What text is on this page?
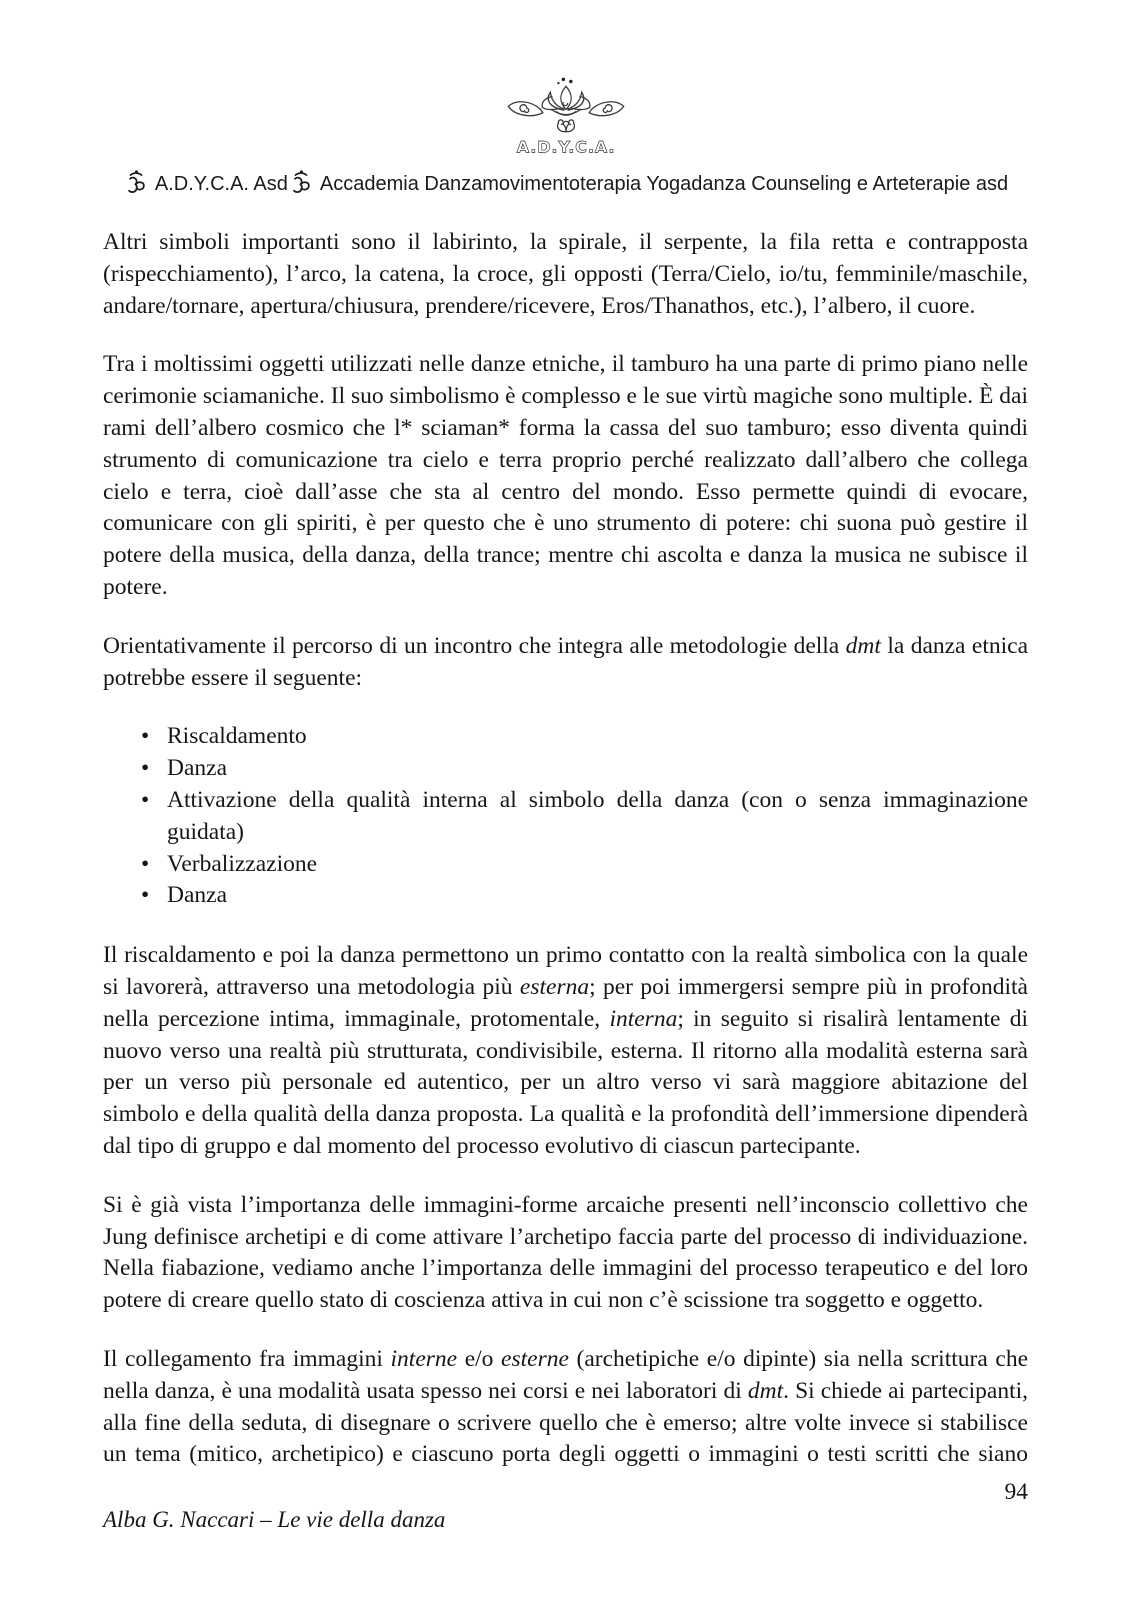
A.D.Y.C.A.
A.D.Y.C.A. Asd Accademia Danzamovimentoterapia Yogadanza Counseling e Arteterapie asd

Altri simboli importanti sono il labirinto, la spirale, il serpente, la fila retta e contrapposta (rispecchiamento), l’arco, la catena, la croce, gli opposti (Terra/Cielo, io/tu, femminile/maschile, andare/tornare, apertura/chiusura, prendere/ricevere, Eros/Thanathos, etc.), l’albero, il cuore.

Tra i moltissimi oggetti utilizzati nelle danze etniche, il tamburo ha una parte di primo piano nelle cerimonie sciamaniche. Il suo simbolismo è complesso e le sue virtù magiche sono multiple. È dai rami dell’albero cosmico che l* sciaman* forma la cassa del suo tamburo; esso diventa quindi strumento di comunicazione tra cielo e terra proprio perché realizzato dall’albero che collega cielo e terra, cioè dall’asse che sta al centro del mondo. Esso permette quindi di evocare, comunicare con gli spiriti, è per questo che è uno strumento di potere: chi suona può gestire il potere della musica, della danza, della trance; mentre chi ascolta e danza la musica ne subisce il potere.

Orientativamente il percorso di un incontro che integra alle metodologie della dmt la danza etnica potrebbe essere il seguente:

• Riscaldamento
• Danza
• Attivazione della qualità interna al simbolo della danza (con o senza immaginazione guidata)
• Verbalizzazione
• Danza

Il riscaldamento e poi la danza permettono un primo contatto con la realtà simbolica con la quale si lavorerà, attraverso una metodologia più esterna; per poi immergersi sempre più in profondità nella percezione intima, immaginale, protomentale, interna; in seguito si risalirà lentamente di nuovo verso una realtà più strutturata, condivisibile, esterna. Il ritorno alla modalità esterna sarà per un verso più personale ed autentico, per un altro verso vi sarà maggiore abitazione del simbolo e della qualità della danza proposta. La qualità e la profondità dell’immersione dipenderà dal tipo di gruppo e dal momento del processo evolutivo di ciascun partecipante.

Si è già vista l’importanza delle immagini-forme arcaiche presenti nell’inconscio collettivo che Jung definisce archetipi e di come attivare l’archetipo faccia parte del processo di individuazione. Nella fiabazione, vediamo anche l’importanza delle immagini del processo terapeutico e del loro potere di creare quello stato di coscienza attiva in cui non c’è scissione tra soggetto e oggetto.

Il collegamento fra immagini interne e/o esterne (archetipiche e/o dipinte) sia nella scrittura che nella danza, è una modalità usata spesso nei corsi e nei laboratori di dmt. Si chiede ai partecipanti, alla fine della seduta, di disegnare o scrivere quello che è emerso; altre volte invece si stabilisce un tema (mitico, archetipico) e ciascuno porta degli oggetti o immagini o testi scritti che siano

94
Alba G. Naccari – Le vie della danza
